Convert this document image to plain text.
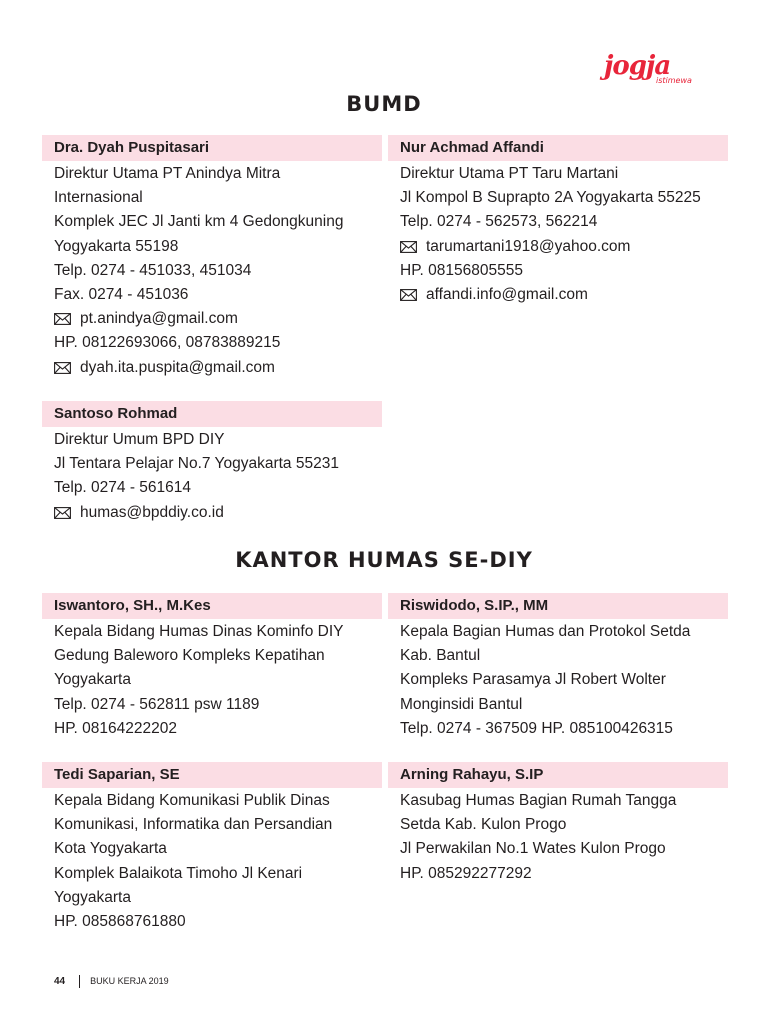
jogja
istimewa
BUMD
Dra. Dyah Puspitasari
Direktur Utama PT Anindya Mitra
Internasional
Komplek JEC Jl Janti km 4 Gedongkuning
Yogyakarta 55198
Telp. 0274 - 451033, 451034
Fax. 0274 - 451036
pt.anindya@gmail.com
HP. 08122693066, 08783889215
dyah.ita.puspita@gmail.com
Nur Achmad Affandi
Direktur Utama PT Taru Martani
Jl Kompol B Suprapto 2A Yogyakarta 55225
Telp. 0274 - 562573, 562214
tarumartani1918@yahoo.com
HP. 08156805555
affandi.info@gmail.com
Santoso Rohmad
Direktur Umum BPD DIY
Jl Tentara Pelajar No.7 Yogyakarta 55231
Telp. 0274 - 561614
humas@bpddiy.co.id
KANTOR HUMAS SE-DIY
Iswantoro, SH., M.Kes
Kepala Bidang Humas Dinas Kominfo DIY
Gedung Baleworo Kompleks Kepatihan
Yogyakarta
Telp. 0274 - 562811 psw 1189
HP. 08164222202
Riswidodo, S.IP., MM
Kepala Bagian Humas dan Protokol Setda
Kab. Bantul
Kompleks Parasamya Jl Robert Wolter
Monginsidi Bantul
Telp. 0274 - 367509 HP. 085100426315
Tedi Saparian, SE
Kepala Bidang Komunikasi Publik Dinas
Komunikasi, Informatika dan Persandian
Kota Yogyakarta
Komplek Balaikota Timoho Jl Kenari
Yogyakarta
HP. 085868761880
Arning Rahayu, S.IP
Kasubag Humas Bagian Rumah Tangga
Setda Kab. Kulon Progo
Jl Perwakilan No.1 Wates Kulon Progo
HP. 085292277292
44	BUKU KERJA 2019
